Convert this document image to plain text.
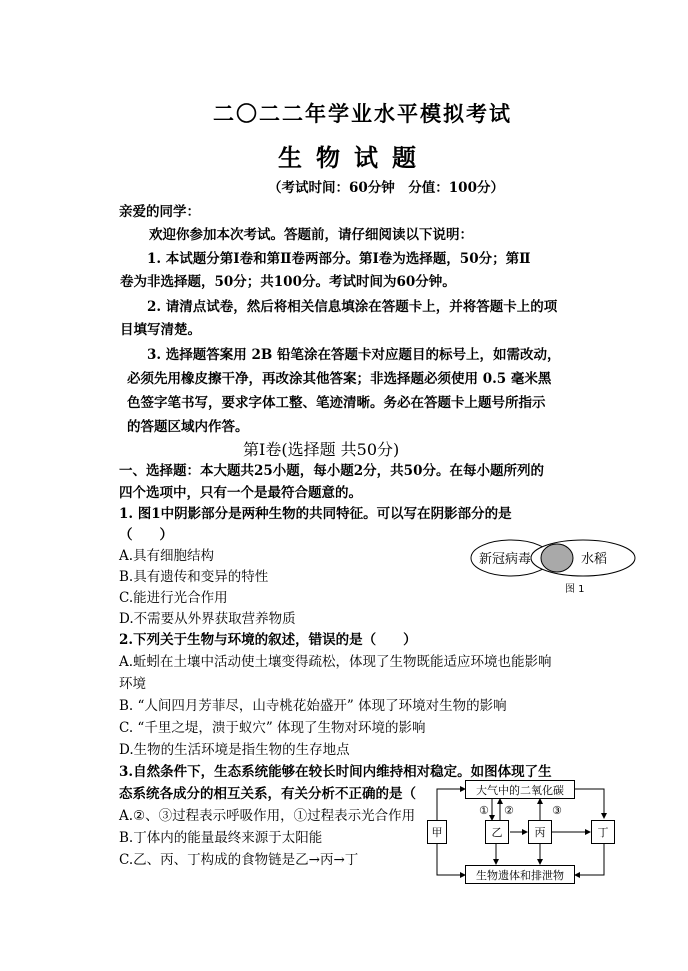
二〇二二年学业水平模拟考试
生物试题
（考试时间：60分钟　分值：100分）
亲爱的同学：
欢迎你参加本次考试。答题前，请仔细阅读以下说明：
1. 本试题分第Ⅰ卷和第Ⅱ卷两部分。第Ⅰ卷为选择题，50分；第Ⅱ
卷为非选择题，50分；共100分。考试时间为60分钟。
2. 请清点试卷，然后将相关信息填涂在答题卡上，并将答题卡上的项
目填写清楚。
3. 选择题答案用 2B 铅笔涂在答题卡对应题目的标号上，如需改动，
必须先用橡皮擦干净，再改涂其他答案；非选择题必须使用 0.5 毫米黑
色签字笔书写，要求字体工整、笔迹清晰。务必在答题卡上题号所指示
的答题区域内作答。
第Ⅰ卷(选择题 共50分)
一、选择题：本大题共25小题，每小题2分，共50分。在每小题所列的
四个选项中，只有一个是最符合题意的。
1. 图1中阴影部分是两种生物的共同特征。可以写在阴影部分的是
（　　）
A.具有细胞结构
B.具有遗传和变异的特性
C.能进行光合作用
D.不需要从外界获取营养物质
新冠病毒	水稻
图 1
2.下列关于生物与环境的叙述，错误的是（　　）
A.蚯蚓在土壤中活动使土壤变得疏松，体现了生物既能适应环境也能影响
环境
B. “人间四月芳菲尽，山寺桃花始盛开” 体现了环境对生物的影响
C. “千里之堤，溃于蚁穴” 体现了生物对环境的影响
D.生物的生活环境是指生物的生存地点
3.自然条件下，生态系统能够在较长时间内维持相对稳定。如图体现了生
态系统各成分的相互关系，有关分析不正确的是（
A.②、③过程表示呼吸作用，①过程表示光合作用
B.丁体内的能量最终来源于太阳能
C.乙、丙、丁构成的食物链是乙→丙→丁
① ②	③
大气中的二氧化碳
生物遗体和排泄物
甲	乙	丙	丁
